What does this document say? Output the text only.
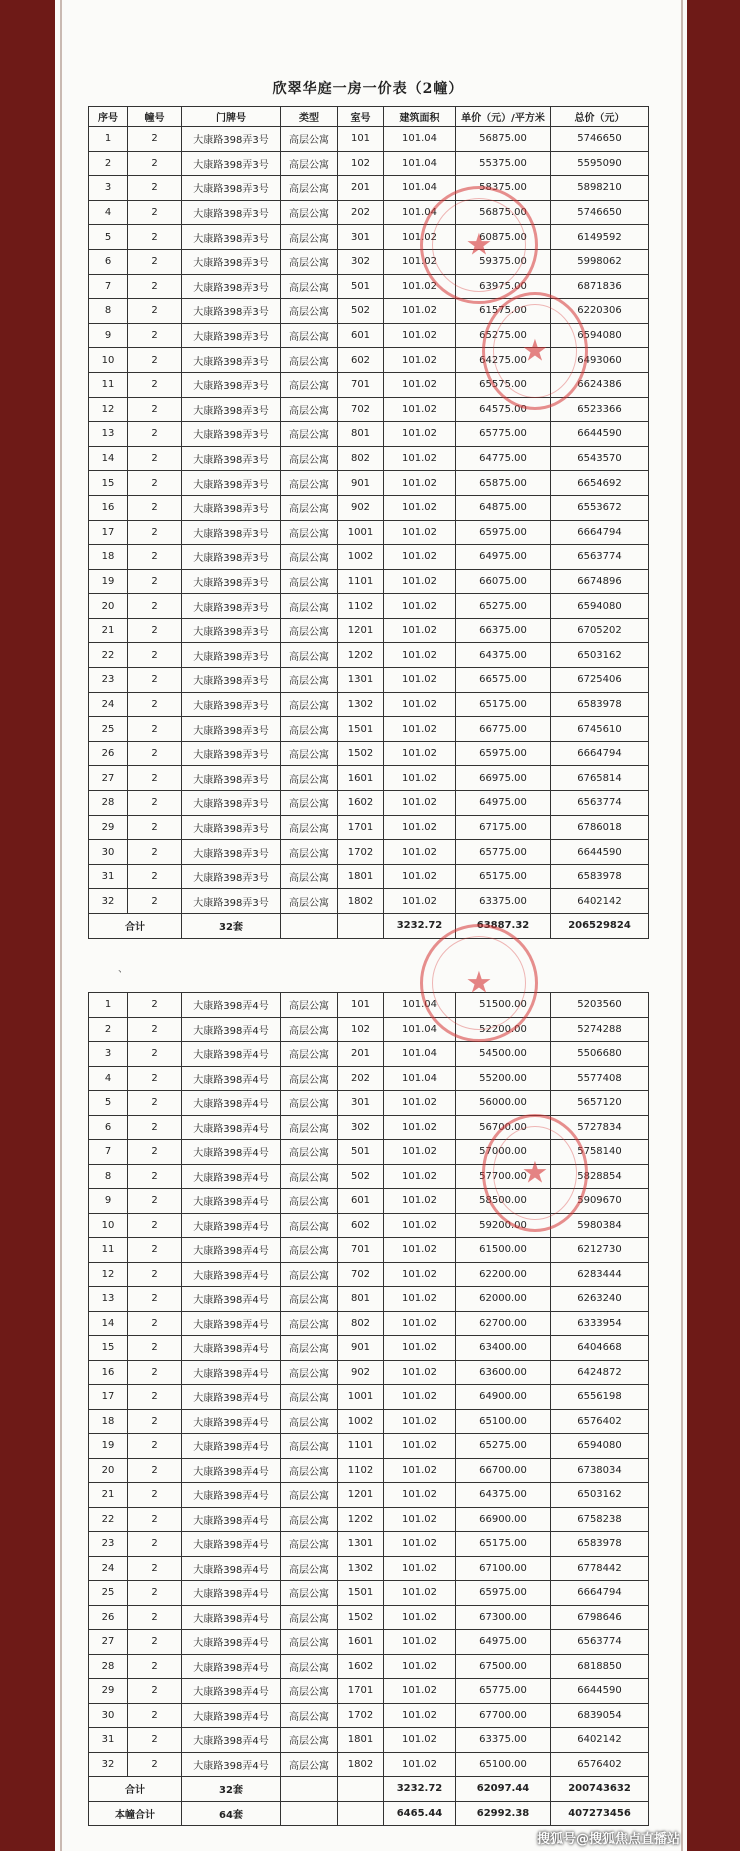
欣翠华庭一房一价表（2幢）
序号	幢号	门牌号	类型	室号	建筑面积	单价（元）/平方米	总价（元）
1	2	大康路398弄3号	高层公寓	101	101.04	56875.00	5746650
2	2	大康路398弄3号	高层公寓	102	101.04	55375.00	5595090
3	2	大康路398弄3号	高层公寓	201	101.04	58375.00	5898210
4	2	大康路398弄3号	高层公寓	202	101.04	56875.00	5746650
5	2	大康路398弄3号	高层公寓	301	101.02	60875.00	6149592
6	2	大康路398弄3号	高层公寓	302	101.02	59375.00	5998062
7	2	大康路398弄3号	高层公寓	501	101.02	63975.00	6871836
8	2	大康路398弄3号	高层公寓	502	101.02	61575.00	6220306
9	2	大康路398弄3号	高层公寓	601	101.02	65275.00	6594080
10	2	大康路398弄3号	高层公寓	602	101.02	64275.00	6493060
11	2	大康路398弄3号	高层公寓	701	101.02	65575.00	6624386
12	2	大康路398弄3号	高层公寓	702	101.02	64575.00	6523366
13	2	大康路398弄3号	高层公寓	801	101.02	65775.00	6644590
14	2	大康路398弄3号	高层公寓	802	101.02	64775.00	6543570
15	2	大康路398弄3号	高层公寓	901	101.02	65875.00	6654692
16	2	大康路398弄3号	高层公寓	902	101.02	64875.00	6553672
17	2	大康路398弄3号	高层公寓	1001	101.02	65975.00	6664794
18	2	大康路398弄3号	高层公寓	1002	101.02	64975.00	6563774
19	2	大康路398弄3号	高层公寓	1101	101.02	66075.00	6674896
20	2	大康路398弄3号	高层公寓	1102	101.02	65275.00	6594080
21	2	大康路398弄3号	高层公寓	1201	101.02	66375.00	6705202
22	2	大康路398弄3号	高层公寓	1202	101.02	64375.00	6503162
23	2	大康路398弄3号	高层公寓	1301	101.02	66575.00	6725406
24	2	大康路398弄3号	高层公寓	1302	101.02	65175.00	6583978
25	2	大康路398弄3号	高层公寓	1501	101.02	66775.00	6745610
26	2	大康路398弄3号	高层公寓	1502	101.02	65975.00	6664794
27	2	大康路398弄3号	高层公寓	1601	101.02	66975.00	6765814
28	2	大康路398弄3号	高层公寓	1602	101.02	64975.00	6563774
29	2	大康路398弄3号	高层公寓	1701	101.02	67175.00	6786018
30	2	大康路398弄3号	高层公寓	1702	101.02	65775.00	6644590
31	2	大康路398弄3号	高层公寓	1801	101.02	65175.00	6583978
32	2	大康路398弄3号	高层公寓	1802	101.02	63375.00	6402142
合计		32套			3232.72	63887.32	206529824
、
1	2	大康路398弄4号	高层公寓	101	101.04	51500.00	5203560
2	2	大康路398弄4号	高层公寓	102	101.04	52200.00	5274288
3	2	大康路398弄4号	高层公寓	201	101.04	54500.00	5506680
4	2	大康路398弄4号	高层公寓	202	101.04	55200.00	5577408
5	2	大康路398弄4号	高层公寓	301	101.02	56000.00	5657120
6	2	大康路398弄4号	高层公寓	302	101.02	56700.00	5727834
7	2	大康路398弄4号	高层公寓	501	101.02	57000.00	5758140
8	2	大康路398弄4号	高层公寓	502	101.02	57700.00	5828854
9	2	大康路398弄4号	高层公寓	601	101.02	58500.00	5909670
10	2	大康路398弄4号	高层公寓	602	101.02	59200.00	5980384
11	2	大康路398弄4号	高层公寓	701	101.02	61500.00	6212730
12	2	大康路398弄4号	高层公寓	702	101.02	62200.00	6283444
13	2	大康路398弄4号	高层公寓	801	101.02	62000.00	6263240
14	2	大康路398弄4号	高层公寓	802	101.02	62700.00	6333954
15	2	大康路398弄4号	高层公寓	901	101.02	63400.00	6404668
16	2	大康路398弄4号	高层公寓	902	101.02	63600.00	6424872
17	2	大康路398弄4号	高层公寓	1001	101.02	64900.00	6556198
18	2	大康路398弄4号	高层公寓	1002	101.02	65100.00	6576402
19	2	大康路398弄4号	高层公寓	1101	101.02	65275.00	6594080
20	2	大康路398弄4号	高层公寓	1102	101.02	66700.00	6738034
21	2	大康路398弄4号	高层公寓	1201	101.02	64375.00	6503162
22	2	大康路398弄4号	高层公寓	1202	101.02	66900.00	6758238
23	2	大康路398弄4号	高层公寓	1301	101.02	65175.00	6583978
24	2	大康路398弄4号	高层公寓	1302	101.02	67100.00	6778442
25	2	大康路398弄4号	高层公寓	1501	101.02	65975.00	6664794
26	2	大康路398弄4号	高层公寓	1502	101.02	67300.00	6798646
27	2	大康路398弄4号	高层公寓	1601	101.02	64975.00	6563774
28	2	大康路398弄4号	高层公寓	1602	101.02	67500.00	6818850
29	2	大康路398弄4号	高层公寓	1701	101.02	65775.00	6644590
30	2	大康路398弄4号	高层公寓	1702	101.02	67700.00	6839054
31	2	大康路398弄4号	高层公寓	1801	101.02	63375.00	6402142
32	2	大康路398弄4号	高层公寓	1802	101.02	65100.00	6576402
合计		32套			3232.72	62097.44	200743632
本幢合计		64套			6465.44	62992.38	407273456
★
★
★
★
搜狐号@搜狐焦点直播站
